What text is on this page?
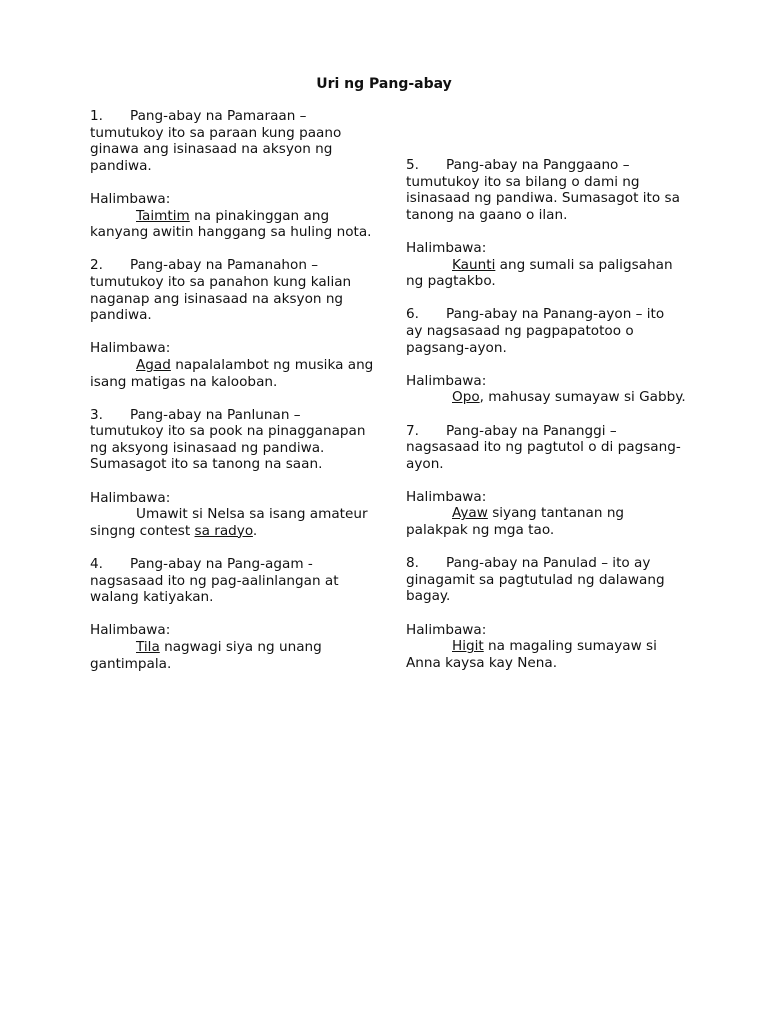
Uri ng Pang-abay

1. Pang-abay na Pamaraan –

tumutukoy ito sa paraan kung paano ginawa ang isinasaad na aksyon ng pandiwa.

Halimbawa:

Taimtim na pinakinggan ang kanyang awitin hanggang sa huling nota.

2. Pang-abay na Pamanahon –

tumutukoy ito sa panahon kung kalian naganap ang isinasaad na aksyon ng pandiwa.

Halimbawa:

Agad napalalambot ng musika ang isang matigas na kalooban.

3. Pang-abay na Panlunan –

tumutukoy ito sa pook na pinagganapan ng aksyong isinasaad ng pandiwa. Sumasagot ito sa tanong na saan.

Halimbawa:

Umawit si Nelsa sa isang amateur singng contest sa radyo.

4. Pang-abay na Pang-agam -

nagsasaad ito ng pag-aalinlangan at walang katiyakan.

Halimbawa:

Tila nagwagi siya ng unang gantimpala.

5. Pang-abay na Panggaano –

tumutukoy ito sa bilang o dami ng isinasaad ng pandiwa. Sumasagot ito sa tanong na gaano o ilan.

Halimbawa:

Kaunti ang sumali sa paligsahan ng pagtakbo.

6. Pang-abay na Panang-ayon – ito

ay nagsasaad ng pagpapatotoo o pagsang-ayon.

Halimbawa:

Opo, mahusay sumayaw si Gabby.

7. Pang-abay na Pananggi –

nagsasaad ito ng pagtutol o di pagsang-ayon.

Halimbawa:

Ayaw siyang tantanan ng palakpak ng mga tao.

8. Pang-abay na Panulad – ito ay

ginagamit sa pagtutulad ng dalawang bagay.

Halimbawa:

Higit na magaling sumayaw si Anna kaysa kay Nena.
